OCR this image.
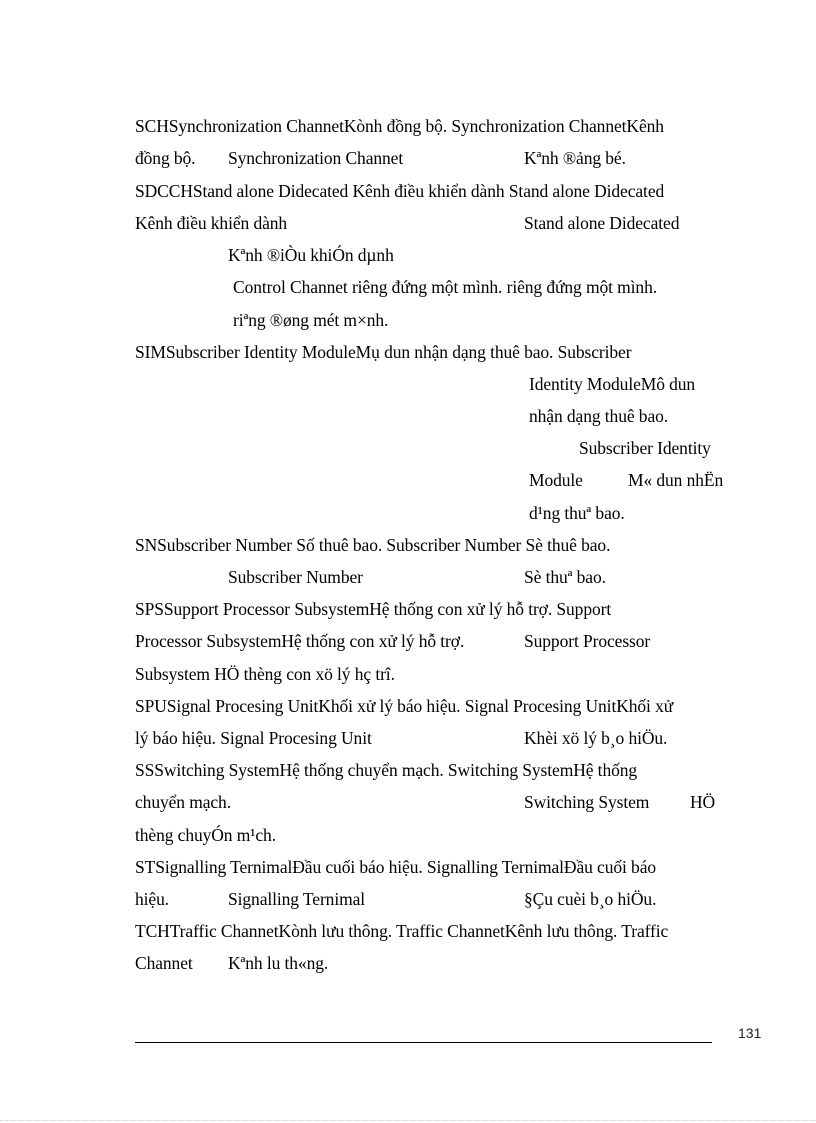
SCHSynchronization ChannetKònh đồng bộ. Synchronization ChannetKênh
đồng bộ. Synchronization Channet	Kªnh ®ảng bé.
SDCCHStand alone Didecated Kênh điều khiển dành Stand alone Didecated
Kênh điều khiển dành	Stand alone Didecated
Kªnh ®iÒu khiÓn dµnh
Control Channet riêng đứng một mình. riêng đứng một mình.
riªng ®øng mét m×nh.
SIMSubscriber Identity ModuleMụ dun nhận dạng thuê bao. Subscriber
Identity ModuleMô dun
nhận dạng thuê bao.
Subscriber Identity
Module	M« dun nhËn
d¹ng thuª bao.
SNSubscriber Number Số thuê bao. Subscriber Number Sè thuê bao.
Subscriber Number	Sè thuª bao.
SPSSupport Processor SubsystemHệ thống con xử lý hỗ trợ. Support
Processor SubsystemHệ thống con xử lý hỗ trợ.	Support Processor
Subsystem HÖ thèng con xö lý hç trî.
SPUSignal Procesing UnitKhối xử lý báo hiệu. Signal Procesing UnitKhối xử
lý báo hiệu. Signal Procesing Unit	Khèi xö lý b¸o hiÖu.
SSSwitching SystemHệ thống chuyển mạch. Switching SystemHệ thống
chuyển mạch.	Switching System HÖ
thèng chuyÓn m¹ch.
STSignalling TernimalĐầu cuối báo hiệu. Signalling TernimalĐầu cuối báo
hiệu.	Signalling Ternimal	§Çu cuèi b¸o hiÖu.
TCHTraffic ChannetKònh lưu thông. Traffic ChannetKênh lưu thông. Traffic
Channet Kªnh lu th«ng.
131
